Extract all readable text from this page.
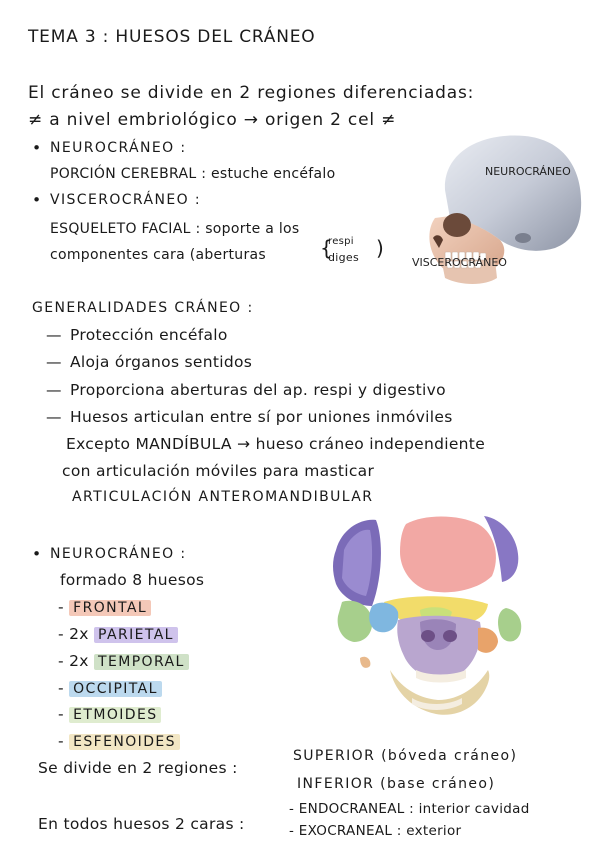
TEMA 3 : HUESOS DEL CRÁNEO
El cráneo se divide en 2 regiones diferenciadas:
≠ a nivel embriológico → origen 2 cel ≠
• NEUROCRÁNEO :
PORCIÓN CEREBRAL : estuche encéfalo
• VISCEROCRÁNEO :
ESQUELETO FACIAL : soporte a los
componentes cara (aberturas
respi
diges
{ )
NEUROCRÁNEO
VISCEROCRÁNEO
GENERALIDADES CRÁNEO :
— Protección encéfalo
— Aloja órganos sentidos
— Proporciona aberturas del ap. respi y digestivo
— Huesos articulan entre sí por uniones inmóviles
Excepto MANDÍBULA → hueso cráneo independiente
con articulación móviles para masticar
ARTICULACIÓN ANTEROMANDIBULAR
• NEUROCRÁNEO :
formado 8 huesos
- FRONTAL
- 2x PARIETAL
- 2x TEMPORAL
- OCCIPITAL
- ETMOIDES
- ESFENOIDES
Se divide en 2 regiones :
SUPERIOR (bóveda cráneo)
INFERIOR (base cráneo)
En todos huesos 2 caras :
- ENDOCRANEAL : interior cavidad
- EXOCRANEAL : exterior
